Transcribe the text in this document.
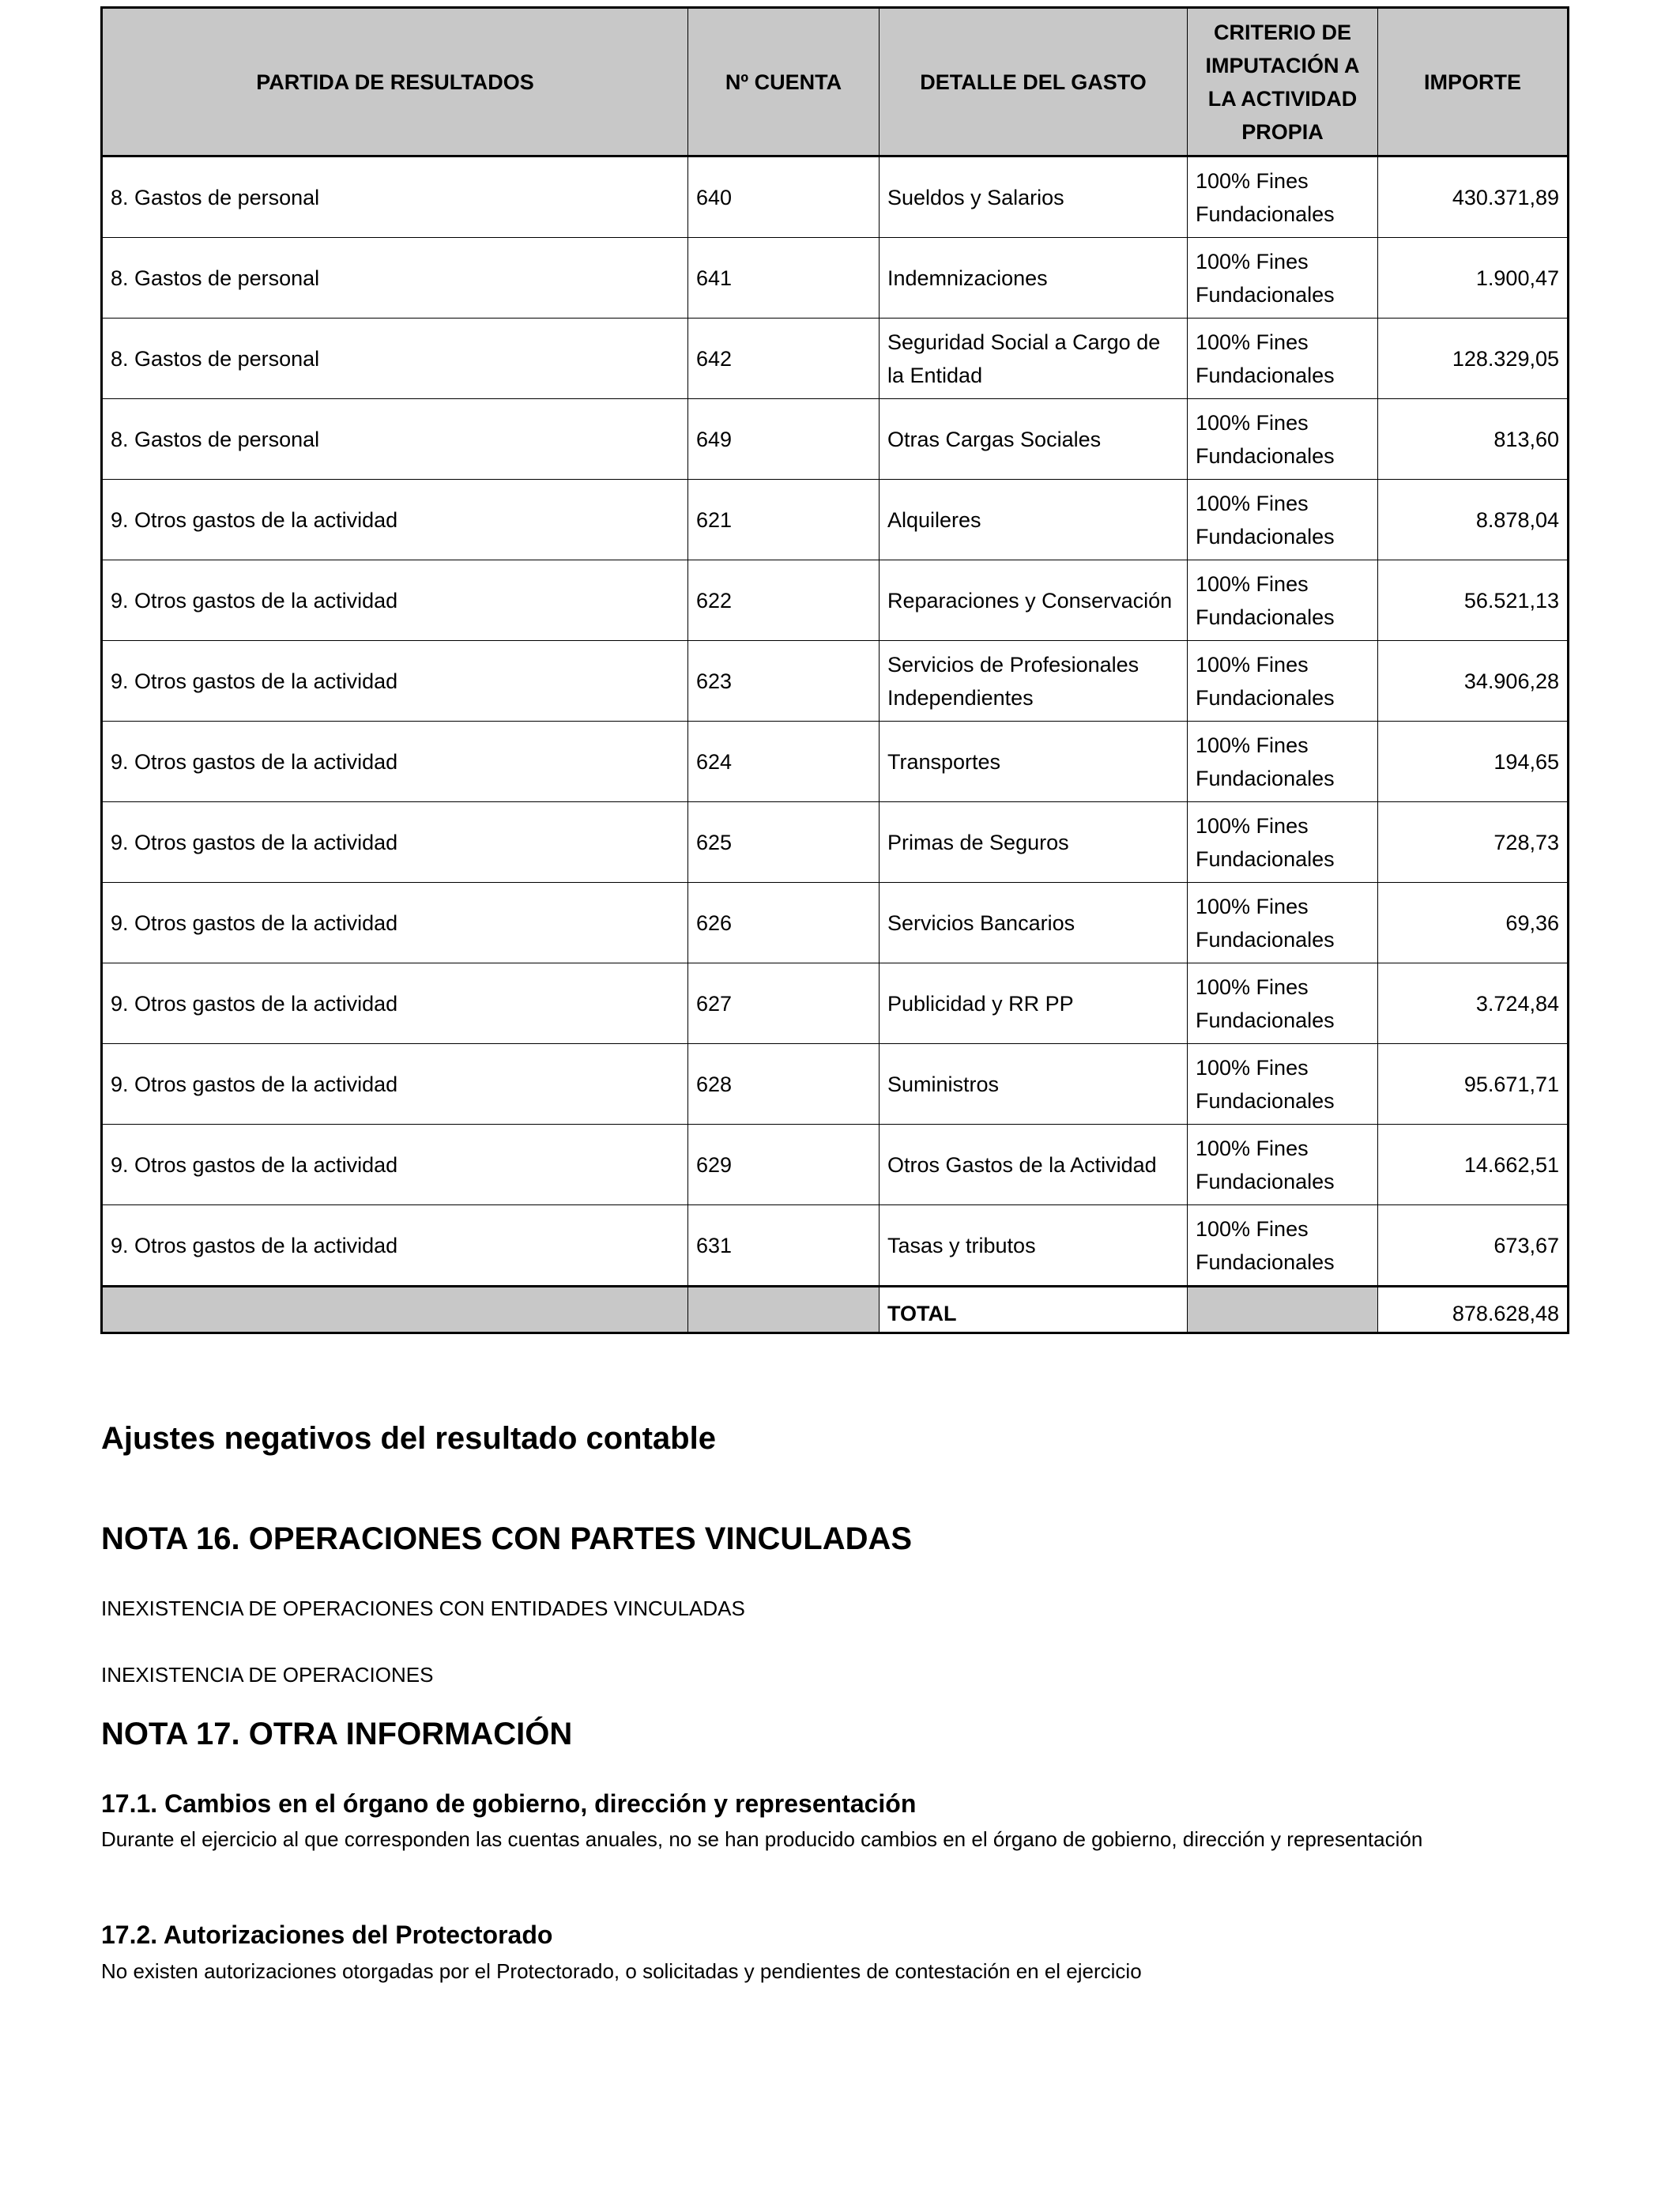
PARTIDA DE RESULTADOS	Nº CUENTA	DETALLE DEL GASTO	CRITERIO DE IMPUTACIÓN A LA ACTIVIDAD PROPIA	IMPORTE
8. Gastos de personal	640	Sueldos y Salarios	100% Fines Fundacionales	430.371,89
8. Gastos de personal	641	Indemnizaciones	100% Fines Fundacionales	1.900,47
8. Gastos de personal	642	Seguridad Social a Cargo de la Entidad	100% Fines Fundacionales	128.329,05
8. Gastos de personal	649	Otras Cargas Sociales	100% Fines Fundacionales	813,60
9. Otros gastos de la actividad	621	Alquileres	100% Fines Fundacionales	8.878,04
9. Otros gastos de la actividad	622	Reparaciones y Conservación	100% Fines Fundacionales	56.521,13
9. Otros gastos de la actividad	623	Servicios de Profesionales Independientes	100% Fines Fundacionales	34.906,28
9. Otros gastos de la actividad	624	Transportes	100% Fines Fundacionales	194,65
9. Otros gastos de la actividad	625	Primas de Seguros	100% Fines Fundacionales	728,73
9. Otros gastos de la actividad	626	Servicios Bancarios	100% Fines Fundacionales	69,36
9. Otros gastos de la actividad	627	Publicidad y RR PP	100% Fines Fundacionales	3.724,84
9. Otros gastos de la actividad	628	Suministros	100% Fines Fundacionales	95.671,71
9. Otros gastos de la actividad	629	Otros Gastos de la Actividad	100% Fines Fundacionales	14.662,51
9. Otros gastos de la actividad	631	Tasas y tributos	100% Fines Fundacionales	673,67
		TOTAL		878.628,48

Ajustes negativos del resultado contable

NOTA 16. OPERACIONES CON PARTES VINCULADAS

INEXISTENCIA DE OPERACIONES CON ENTIDADES VINCULADAS

INEXISTENCIA DE OPERACIONES

NOTA 17. OTRA INFORMACIÓN

17.1. Cambios en el órgano de gobierno, dirección y representación

Durante el ejercicio al que corresponden las cuentas anuales, no se han producido cambios en el órgano de gobierno, dirección y representación

17.2. Autorizaciones del Protectorado

No existen autorizaciones otorgadas por el Protectorado, o solicitadas y pendientes de contestación en el ejercicio
